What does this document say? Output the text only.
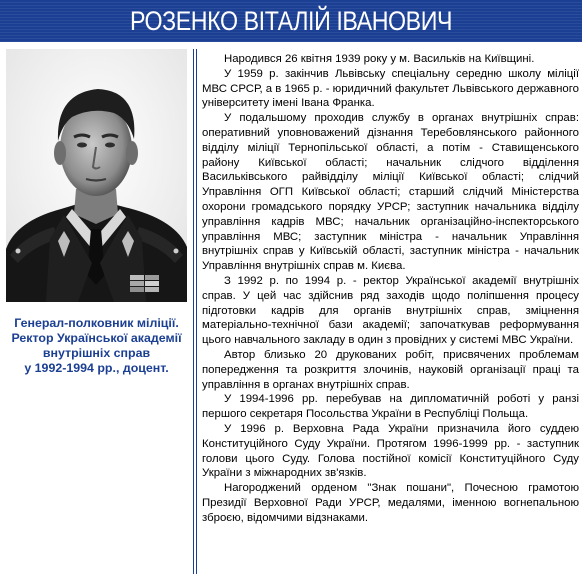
РОЗЕНКО ВІТАЛІЙ ІВАНОВИЧ
Генерал-полковник міліції.
Ректор Української академії
внутрішніх справ
у 1992-1994 рр., доцент.

Народився 26 квітня 1939 року у м. Васильків на Київщині.

У 1959 р. закінчив Львівську спеціальну середню школу міліції МВС СРСР, а в 1965 р. - юридичний факультет Львівського державного університету імені Івана Франка.

У подальшому проходив службу в органах внутрішніх справ: оперативний уповноважений дізнання Теребовлянського районного відділу міліції Тернопільської області, а потім - Ставищенського району Київської області; начальник слідчого відділення Васильківського райвідділу міліції Київської області; слідчий Управління ОГП Київської області; старший слідчий Міністерства охорони громадського порядку УРСР; заступник начальника відділу управління кадрів МВС; начальник організаційно-інспекторського управління МВС; заступник міністра - начальник Управління внутрішніх справ у Київській області, заступник міністра - начальник Управління внутрішніх справ м. Києва.

З 1992 р. по 1994 р. - ректор Української академії внутрішніх справ. У цей час здійснив ряд заходів щодо поліпшення процесу підготовки кадрів для органів внутрішніх справ, зміцнення матеріально-технічної бази академії; започаткував реформування цього навчального закладу в один з провідних у системі МВС України.

Автор близько 20 друкованих робіт, присвячених проблемам попередження та розкриття злочинів, науковій організації праці та управління в органах внутрішніх справ.

У 1994-1996 рр. перебував на дипломатичній роботі у ранзі першого секретаря Посольства України в Республіці Польща.

У 1996 р. Верховна Рада України призначила його суддею Конституційного Суду України. Протягом 1996-1999 рр. - заступник голови цього Суду. Голова постійної комісії Конституційного Суду України з міжнародних зв'язків.

Нагороджений орденом "Знак пошани", Почесною грамотою Президії Верховної Ради УРСР, медалями, іменною вогнепальною зброєю, відомчими відзнаками.
